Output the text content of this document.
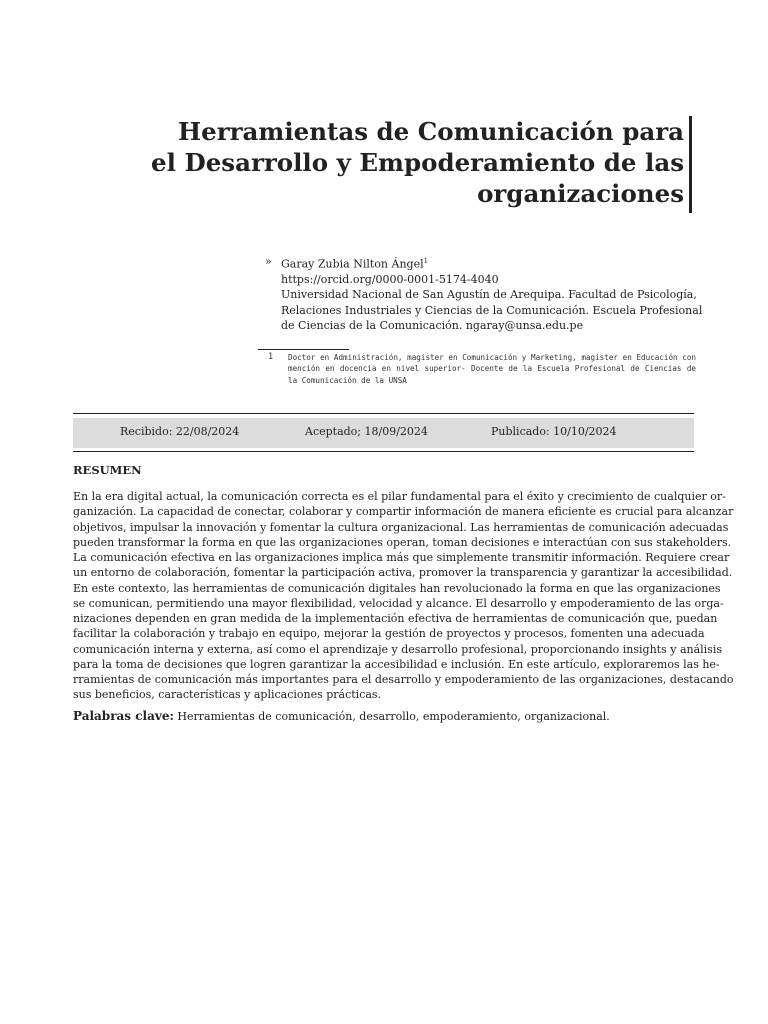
Herramientas de Comunicación para
el Desarrollo y Empoderamiento de las
organizaciones
» Garay Zubia Nilton Ángel$^1$
https://orcid.org/0000-0001-5174-4040
Universidad Nacional de San Agustín de Arequipa. Facultad de Psicología,
Relaciones Industriales y Ciencias de la Comunicación. Escuela Profesional
de Ciencias de la Comunicación. ngaray@unsa.edu.pe
1 Doctor en Administración, magister en Comunicación y Marketing, magister en Educación con mención en docencia en nivel superior- Docente de la Escuela Profesional de Ciencias de la Comunicación de la UNSA
Recibido: 22/08/2024	Aceptado; 18/09/2024	Publicado: 10/10/2024
RESUMEN
En la era digital actual, la comunicación correcta es el pilar fundamental para el éxito y crecimiento de cualquier or-
ganización. La capacidad de conectar, colaborar y compartir información de manera eficiente es crucial para alcanzar
objetivos, impulsar la innovación y fomentar la cultura organizacional. Las herramientas de comunicación adecuadas
pueden transformar la forma en que las organizaciones operan, toman decisiones e interactúan con sus stakeholders.
La comunicación efectiva en las organizaciones implica más que simplemente transmitir información. Requiere crear
un entorno de colaboración, fomentar la participación activa, promover la transparencia y garantizar la accesibilidad.
En este contexto, las herramientas de comunicación digitales han revolucionado la forma en que las organizaciones
se comunican, permitiendo una mayor flexibilidad, velocidad y alcance. El desarrollo y empoderamiento de las orga-
nizaciones dependen en gran medida de la implementación efectiva de herramientas de comunicación que, puedan
facilitar la colaboración y trabajo en equipo, mejorar la gestión de proyectos y procesos, fomenten una adecuada
comunicación interna y externa, así como el aprendizaje y desarrollo profesional, proporcionando insights y análisis
para la toma de decisiones que logren garantizar la accesibilidad e inclusión. En este artículo, exploraremos las he-
rramientas de comunicación más importantes para el desarrollo y empoderamiento de las organizaciones, destacando
sus beneficios, características y aplicaciones prácticas.
Palabras clave: Herramientas de comunicación, desarrollo, empoderamiento, organizacional.
